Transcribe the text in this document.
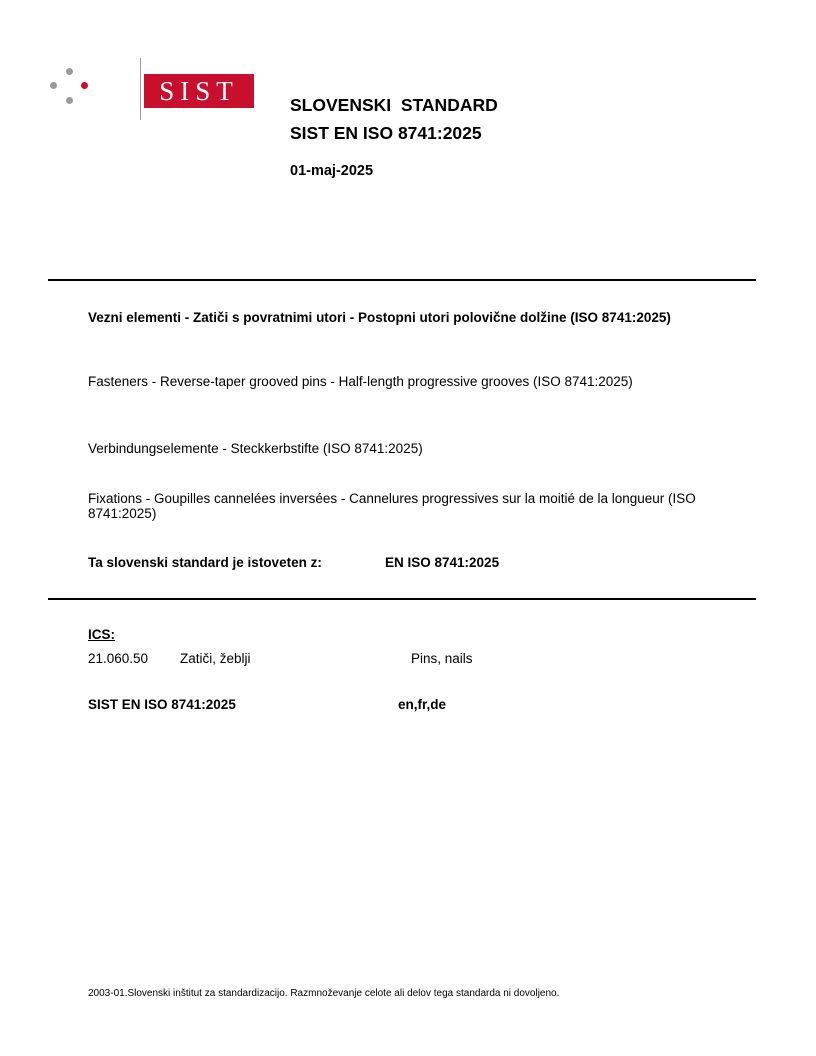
SIST	SLOVENSKI  STANDARD
SIST EN ISO 8741:2025
01-maj-2025
Vezni elementi - Zatiči s povratnimi utori - Postopni utori polovične dolžine (ISO 8741:2025)
Fasteners - Reverse-taper grooved pins - Half-length progressive grooves (ISO 8741:2025)
Verbindungselemente - Steckkerbstifte (ISO 8741:2025)
Fixations - Goupilles cannelées inversées - Cannelures progressives sur la moitié de la longueur (ISO 8741:2025)
Ta slovenski standard je istoveten z:	EN ISO 8741:2025
ICS:
21.060.50 Zatiči, žeblji	Pins, nails
SIST EN ISO 8741:2025	en,fr,de
2003-01.Slovenski inštitut za standardizacijo. Razmnoževanje celote ali delov tega standarda ni dovoljeno.
